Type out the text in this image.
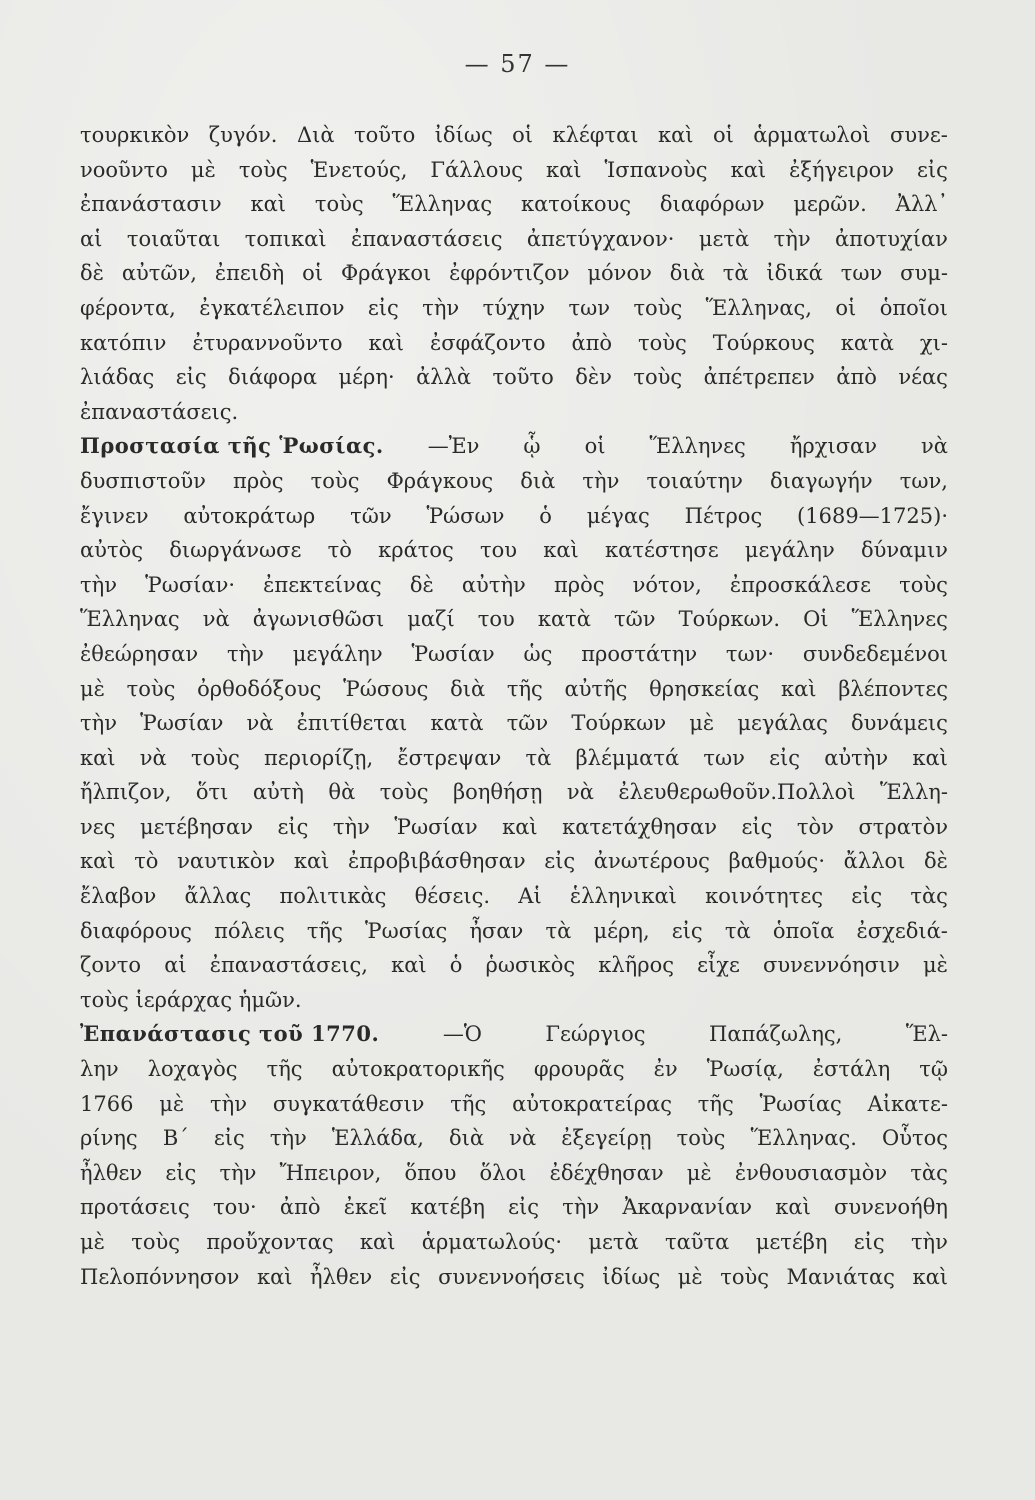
— 57 —
τουρκικὸν ζυγόν. Διὰ τοῦτο ἰδίως οἱ κλέφται καὶ οἱ ἁρματωλοὶ συνε-
νοοῦντο μὲ τοὺς Ἑνετούς, Γάλλους καὶ Ἱσπανοὺς καὶ ἐξήγειρον εἰς
ἐπανάστασιν καὶ τοὺς Ἕλληνας κατοίκους διαφόρων μερῶν. Ἀλλ᾿
αἱ τοιαῦται τοπικαὶ ἐπαναστάσεις ἀπετύγχανον· μετὰ τὴν ἀποτυχίαν
δὲ αὐτῶν, ἐπειδὴ οἱ Φράγκοι ἐφρόντιζον μόνον διὰ τὰ ἰδικά των συμ-
φέροντα, ἐγκατέλειπον εἰς τὴν τύχην των τοὺς Ἕλληνας, οἱ ὁποῖοι
κατόπιν ἐτυραννοῦντο καὶ ἐσφάζοντο ἀπὸ τοὺς Τούρκους κατὰ χι-
λιάδας εἰς διάφορα μέρη· ἀλλὰ τοῦτο δὲν τοὺς ἀπέτρεπεν ἀπὸ νέας
ἐπαναστάσεις.
Προστασία τῆς Ῥωσίας. —Ἐν ᾧ οἱ Ἕλληνες ἤρχισαν νὰ
δυσπιστοῦν πρὸς τοὺς Φράγκους διὰ τὴν τοιαύτην διαγωγήν των,
ἔγινεν αὐτοκράτωρ τῶν Ῥώσων ὁ μέγας Πέτρος (1689—1725)·
αὐτὸς διωργάνωσε τὸ κράτος του καὶ κατέστησε μεγάλην δύναμιν
τὴν Ῥωσίαν· ἐπεκτείνας δὲ αὐτὴν πρὸς νότον, ἐπροσκάλεσε τοὺς
Ἕλληνας νὰ ἀγωνισθῶσι μαζί του κατὰ τῶν Τούρκων. Οἱ Ἕλληνες
ἐθεώρησαν τὴν μεγάλην Ῥωσίαν ὡς προστάτην των· συνδεδεμένοι
μὲ τοὺς ὀρθοδόξους Ῥώσους διὰ τῆς αὐτῆς θρησκείας καὶ βλέποντες
τὴν Ῥωσίαν νὰ ἐπιτίθεται κατὰ τῶν Τούρκων μὲ μεγάλας δυνάμεις
καὶ νὰ τοὺς περιορίζῃ, ἔστρεψαν τὰ βλέμματά των εἰς αὐτὴν καὶ
ἤλπιζον, ὅτι αὐτὴ θὰ τοὺς βοηθήσῃ νὰ ἐλευθερωθοῦν.Πολλοὶ Ἕλλη-
νες μετέβησαν εἰς τὴν Ῥωσίαν καὶ κατετάχθησαν εἰς τὸν στρατὸν
καὶ τὸ ναυτικὸν καὶ ἐπροβιβάσθησαν εἰς ἀνωτέρους βαθμούς· ἄλλοι δὲ
ἔλαβον ἄλλας πολιτικὰς θέσεις. Αἱ ἑλληνικαὶ κοινότητες εἰς τὰς
διαφόρους πόλεις τῆς Ῥωσίας ἦσαν τὰ μέρη, εἰς τὰ ὁποῖα ἐσχεδιά-
ζοντο αἱ ἐπαναστάσεις, καὶ ὁ ῥωσικὸς κλῆρος εἶχε συνεννόησιν μὲ
τοὺς ἱεράρχας ἡμῶν.
Ἐπανάστασις τοῦ 1770.	—Ὁ	Γεώργιος	Παπάζωλης,	Ἕλ-
λην λοχαγὸς τῆς αὐτοκρατορικῆς φρουρᾶς ἐν Ῥωσίᾳ, ἐστάλη τῷ
1766 μὲ τὴν συγκατάθεσιν τῆς αὐτοκρατείρας τῆς Ῥωσίας Αἰκατε-
ρίνης Β΄ εἰς τὴν Ἑλλάδα, διὰ νὰ ἐξεγείρῃ τοὺς Ἕλληνας. Οὗτος
ἦλθεν εἰς τὴν Ἤπειρον, ὅπου ὅλοι ἐδέχθησαν μὲ ἐνθουσιασμὸν τὰς
προτάσεις του· ἀπὸ ἐκεῖ κατέβη εἰς τὴν Ἀκαρνανίαν καὶ συνενοήθη
μὲ τοὺς προὔχοντας καὶ ἁρματωλούς· μετὰ ταῦτα μετέβη εἰς τὴν
Πελοπόννησον καὶ ἦλθεν εἰς συνεννοήσεις ἰδίως μὲ τοὺς Μανιάτας καὶ
